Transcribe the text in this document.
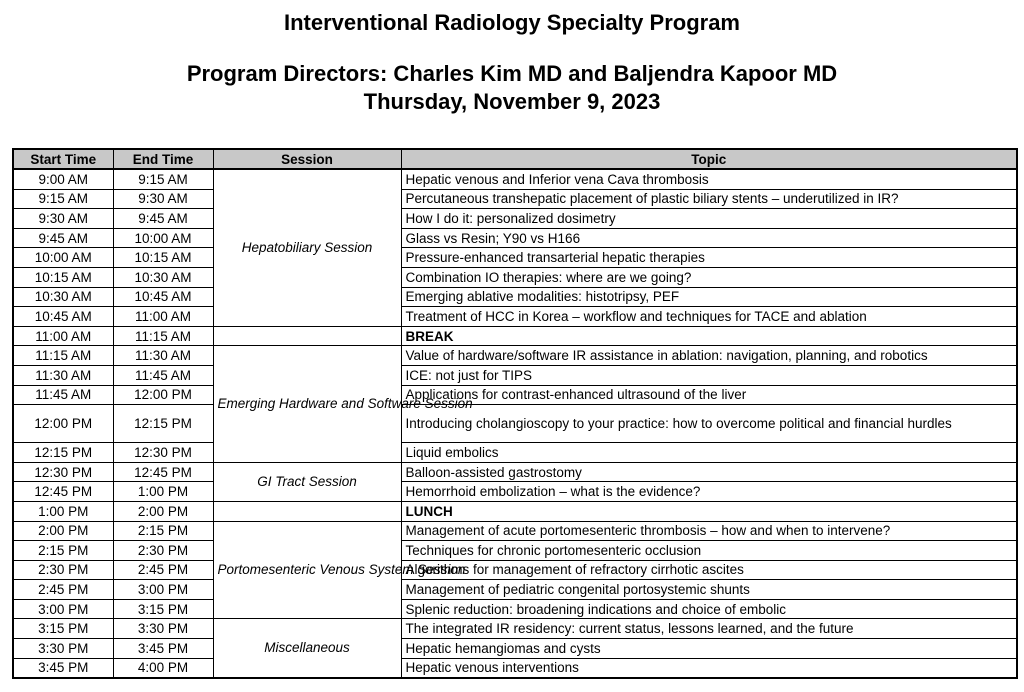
Interventional Radiology Specialty Program
Program Directors: Charles Kim MD and Baljendra Kapoor MD
Thursday, November 9, 2023
Start Time	End Time	Session	Topic
9:00 AM	9:15 AM	Hepatobiliary Session	Hepatic venous and Inferior vena Cava thrombosis
9:15 AM	9:30 AM		Percutaneous transhepatic placement of plastic biliary stents – underutilized in IR?
9:30 AM	9:45 AM		How I do it: personalized dosimetry
9:45 AM	10:00 AM		Glass vs Resin; Y90 vs H166
10:00 AM	10:15 AM		Pressure-enhanced transarterial hepatic therapies
10:15 AM	10:30 AM		Combination IO therapies: where are we going?
10:30 AM	10:45 AM		Emerging ablative modalities: histotripsy, PEF
10:45 AM	11:00 AM		Treatment of HCC in Korea – workflow and techniques for TACE and ablation
11:00 AM	11:15 AM		BREAK
11:15 AM	11:30 AM	Emerging Hardware and Software Session	Value of hardware/software IR assistance in ablation: navigation, planning, and robotics
11:30 AM	11:45 AM		ICE: not just for TIPS
11:45 AM	12:00 PM		Applications for contrast-enhanced ultrasound of the liver
12:00 PM	12:15 PM		Introducing cholangioscopy to your practice: how to overcome political and financial hurdles
12:15 PM	12:30 PM		Liquid embolics
12:30 PM	12:45 PM	GI Tract Session	Balloon-assisted gastrostomy
12:45 PM	1:00 PM		Hemorrhoid embolization – what is the evidence?
1:00 PM	2:00 PM		LUNCH
2:00 PM	2:15 PM	Portomesenteric Venous System Session	Management of acute portomesenteric thrombosis – how and when to intervene?
2:15 PM	2:30 PM		Techniques for chronic portomesenteric occlusion
2:30 PM	2:45 PM		Algorithms for management of refractory cirrhotic ascites
2:45 PM	3:00 PM		Management of pediatric congenital portosystemic shunts
3:00 PM	3:15 PM		Splenic reduction: broadening indications and choice of embolic
3:15 PM	3:30 PM	Miscellaneous	The integrated IR residency: current status, lessons learned, and the future
3:30 PM	3:45 PM		Hepatic hemangiomas and cysts
3:45 PM	4:00 PM		Hepatic venous interventions
